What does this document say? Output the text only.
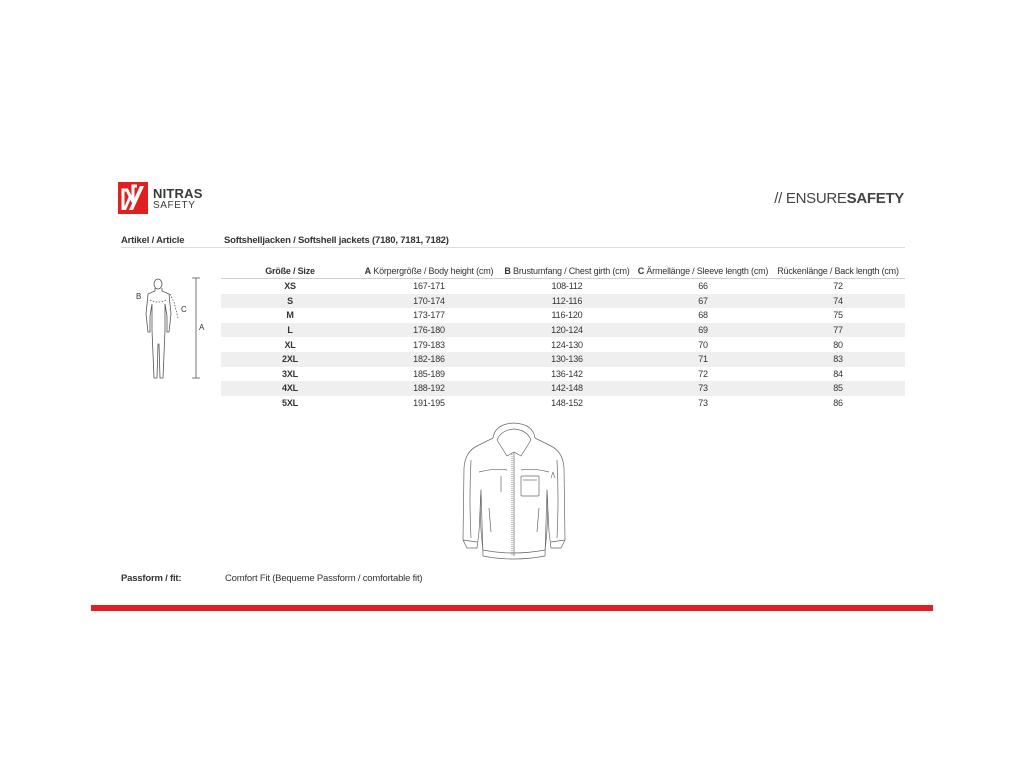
NITRAS
SAFETY	// ENSURESAFETY
Artikel / Article	Softshelljacken / Softshell jackets (7180, 7181, 7182)
B
C
A
Größe / Size	A Körpergröße / Body height (cm)	B Brustumfang / Chest girth (cm)	C Ärmellänge / Sleeve length (cm)	Rückenlänge / Back length (cm)
XS	167-171	108-112	66	72
S	170-174	112-116	67	74
M	173-177	116-120	68	75
L	176-180	120-124	69	77
XL	179-183	124-130	70	80
2XL	182-186	130-136	71	83
3XL	185-189	136-142	72	84
4XL	188-192	142-148	73	85
5XL	191-195	148-152	73	86
Passform / fit:	Comfort Fit (Bequeme Passform / comfortable fit)
